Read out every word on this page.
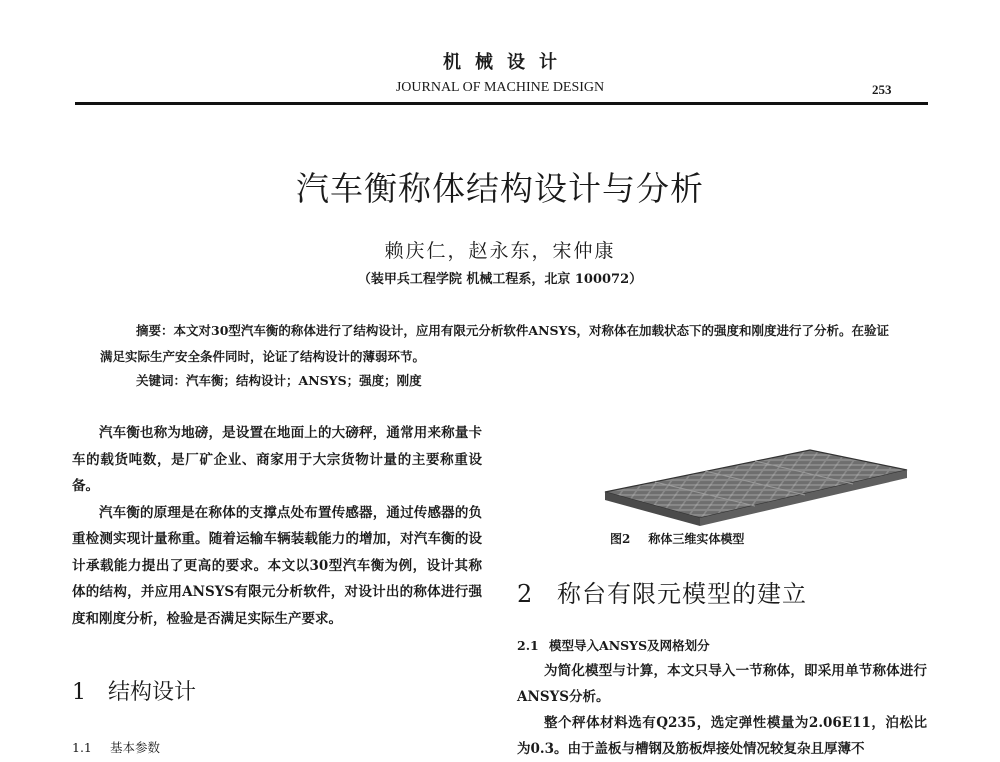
机械设计
JOURNAL OF MACHINE DESIGN	253
汽车衡称体结构设计与分析
赖庆仁，赵永东，宋仲康
（装甲兵工程学院 机械工程系，北京 100072）
摘要：本文对30型汽车衡的称体进行了结构设计，应用有限元分析软件ANSYS，对称体在加载状态下的强度和刚度进行了分析。在验证满足实际生产安全条件同时，论证了结构设计的薄弱环节。
关键词：汽车衡；结构设计；ANSYS；强度；刚度

汽车衡也称为地磅，是设置在地面上的大磅秤，通常用来称量卡车的载货吨数，是厂矿企业、商家用于大宗货物计量的主要称重设备。

汽车衡的原理是在称体的支撑点处布置传感器，通过传感器的负重检测实现计量称重。随着运输车辆装载能力的增加，对汽车衡的设计承载能力提出了更高的要求。本文以30型汽车衡为例，设计其称体的结构，并应用ANSYS有限元分析软件，对设计出的称体进行强度和刚度分析，检验是否满足实际生产要求。

1 结构设计
1.1 基本参数
图2 称体三维实体模型
2 称台有限元模型的建立
2.1 模型导入ANSYS及网格划分

为简化模型与计算，本文只导入一节称体，即采用单节称体进行ANSYS分析。

整个秤体材料选有Q235，选定弹性模量为2.06E11，泊松比为0.3。由于盖板与槽钢及筋板焊接处情况较复杂且厚薄不
